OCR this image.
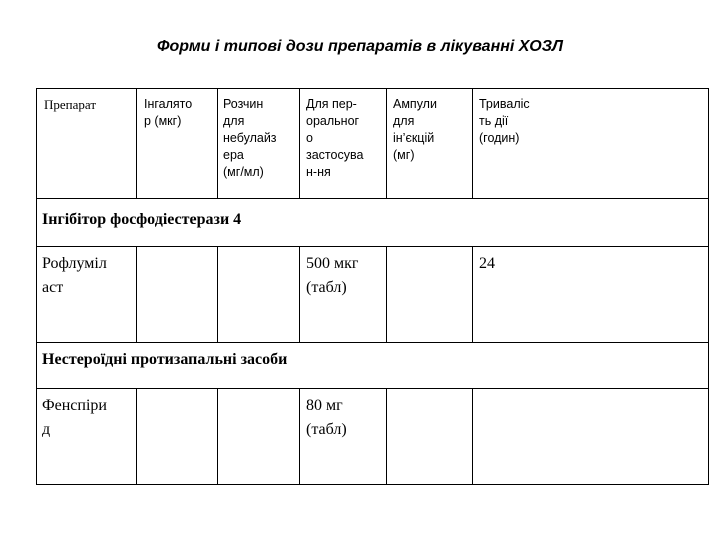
Форми і типові дози препаратів в лікуванні ХОЗЛ
Препарат	Інгалято
р (мкг)
Розчин
для
небулайз
ера
(мг/мл)
Для пер-
оральног
о
застосува
н-ня
Ампули
для
ін’єкцій
(мг)
Триваліс
ть дії
(годин)
Інгібітор фосфодіестерази 4
Рофлуміл
аст
500 мкг
(табл)
24
Нестероїдні протизапальні засоби
Фенспіри
д
80 мг
(табл)
